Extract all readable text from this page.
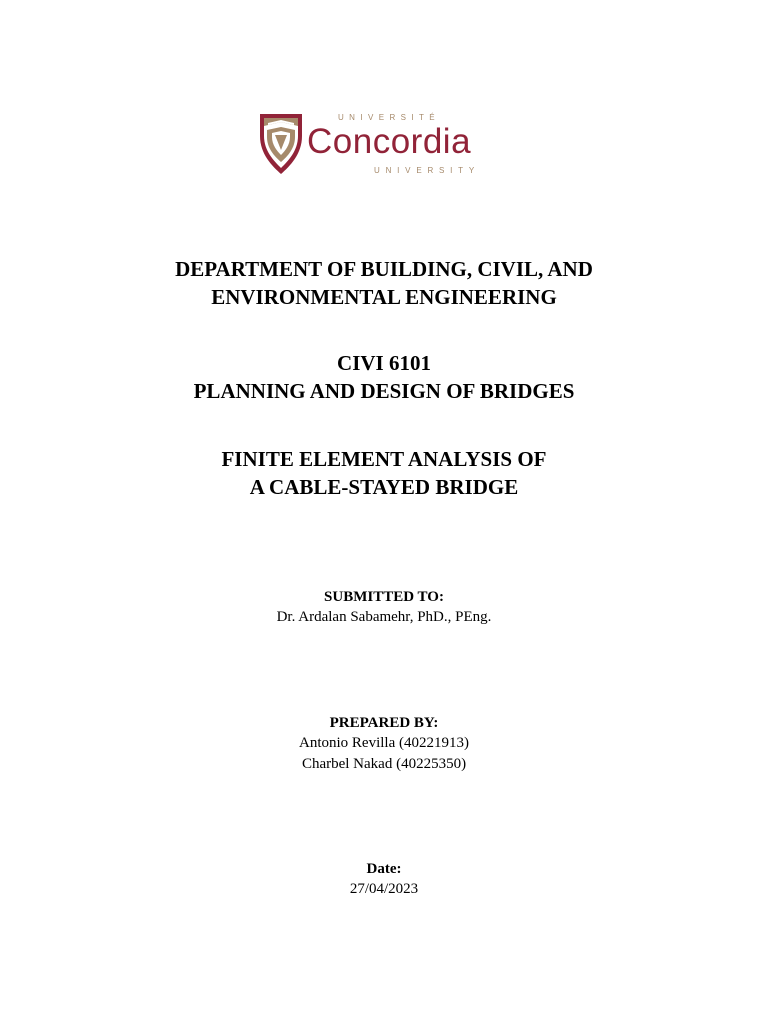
UNIVERSITÉ
Concordia
UNIVERSITY

DEPARTMENT OF BUILDING, CIVIL, AND

ENVIRONMENTAL ENGINEERING

CIVI 6101

PLANNING AND DESIGN OF BRIDGES

FINITE ELEMENT ANALYSIS OF

A CABLE-STAYED BRIDGE

SUBMITTED TO:

Dr. Ardalan Sabamehr, PhD., PEng.

PREPARED BY:

Antonio Revilla (40221913)

Charbel Nakad (40225350)

Date:

27/04/2023
